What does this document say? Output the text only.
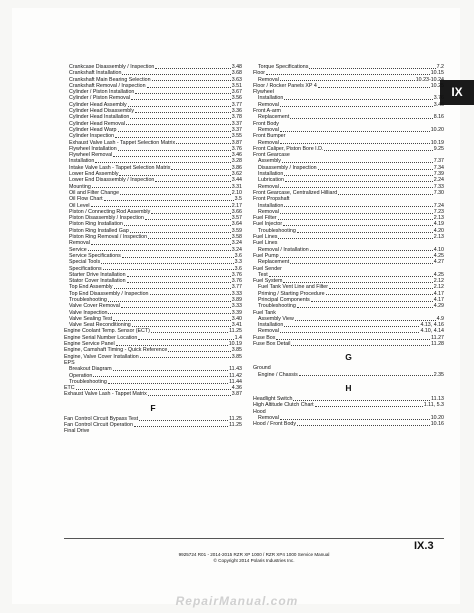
IX
Crankcase Disassembly / Inspection	3.48
Crankshaft Installation	3.68
Crankshaft Main Bearing Selection	3.63
Crankshaft Removal / Inspection	3.51
Cylinder / Piston Installation	3.67
Cylinder / Piston Removal	3.56
Cylinder Head Assembly	3.77
Cylinder Head Disassembly	3.36
Cylinder Head Installation	3.78
Cylinder Head Removal	3.37
Cylinder Head Warp	3.37
Cylinder Inspection	3.55
Exhaust Valve Lash - Tappet Selection Matrix	3.87
Flywheel Installation	3.76
Flywheel Removal	3.46
Installation	3.28
Intake Valve Lash - Tappet Selection Matrix	3.86
Lower End Assembly	3.62
Lower End Disassembly / Inspection	3.44
Mounting	3.31
Oil and Filter Change	2.10
Oil Flow Chart	3.5
Oil Level	2.17
Piston / Connecting Rod Assembly	3.66
Piston Disassembly / Inspection	3.57
Piston Ring Installation	3.64
Piston Ring Installed Gap	3.59
Piston Ring Removal / Inspection	3.58
Removal	3.24
Service	3.24
Service Specifications	3.6
Special Tools	3.3
Specifications	3.6
Starter Drive Installation	3.76
Stator Cover Installation	3.76
Top End Assembly	3.77
Top End Disassembly / Inspection	3.33
Troubleshooting	3.89
Valve Cover Removal	3.33
Valve Inspection	3.39
Valve Sealing Test	3.40
Valve Seat Reconditioning	3.41
Engine Coolant Temp. Sensor (ECT)	11.25
Engine Serial Number Location	1.4
Engine Service Panel	10.19
Engine, Camshaft Timing - Quick Reference	3.85
Engine, Valve Cover Installation	3.85
EPS
Breakout Diagram	11.43
Operation	11.42
Troubleshooting	11.44
ETC	4.36
Exhaust Valve Lash - Tappet Matrix	3.87
F
Fan Control Circuit Bypass Test	11.25
Fan Control Circuit Operation	11.25
Final Drive
Torque Specifications	7.2
Floor	10.15
Removal	10.23-10.24
Floor / Rocker Panels XP 4	10.25
Flywheel
Installation	3.76
Removal	3.46
Front A-arm
Replacement	8.16
Front Body
Removal	10.20
Front Bumper
Removal	10.19
Front Caliper, Piston Bore I.D.	9.25
Front Gearcase
Assembly	7.37
Disassembly / Inspection	7.34
Installation	7.39
Lubrication	2.24
Removal	7.33
Front Gearcase, Centralized Hilliard	7.30
Front Propshaft
Installation	7.24
Removal	7.23
Fuel Filter	2.13
Fuel Injector	4.19
Troubleshooting	4.20
Fuel Lines	2.13
Fuel Lines
Removal / Installation	4.10
Fuel Pump	4.25
Replacement	4.27
Fuel Sender
Test	4.25
Fuel System	2.12
Fuel Tank Vent Line and Filter	2.12
Priming / Starting Procedure	4.17
Principal Components	4.17
Troubleshooting	4.29
Fuel Tank
Assembly View	4.9
Installation	4.13, 4.16
Removal	4.10, 4.14
Fuse Box	11.27
Fuse Box Detail	11.28
G
Ground
Engine / Chassis	2.35
H
Headlight Switch	11.13
High Altitude Clutch Chart	1.11, 5.3
Hood
Removal	10.20
Hood / Front Body	10.16
IX.3
9925724 R01 - 2014-2015 RZR XP 1000 / RZR XP4 1000 Service Manual
© Copyright 2014 Polaris Industries Inc.
RepairManual.com
